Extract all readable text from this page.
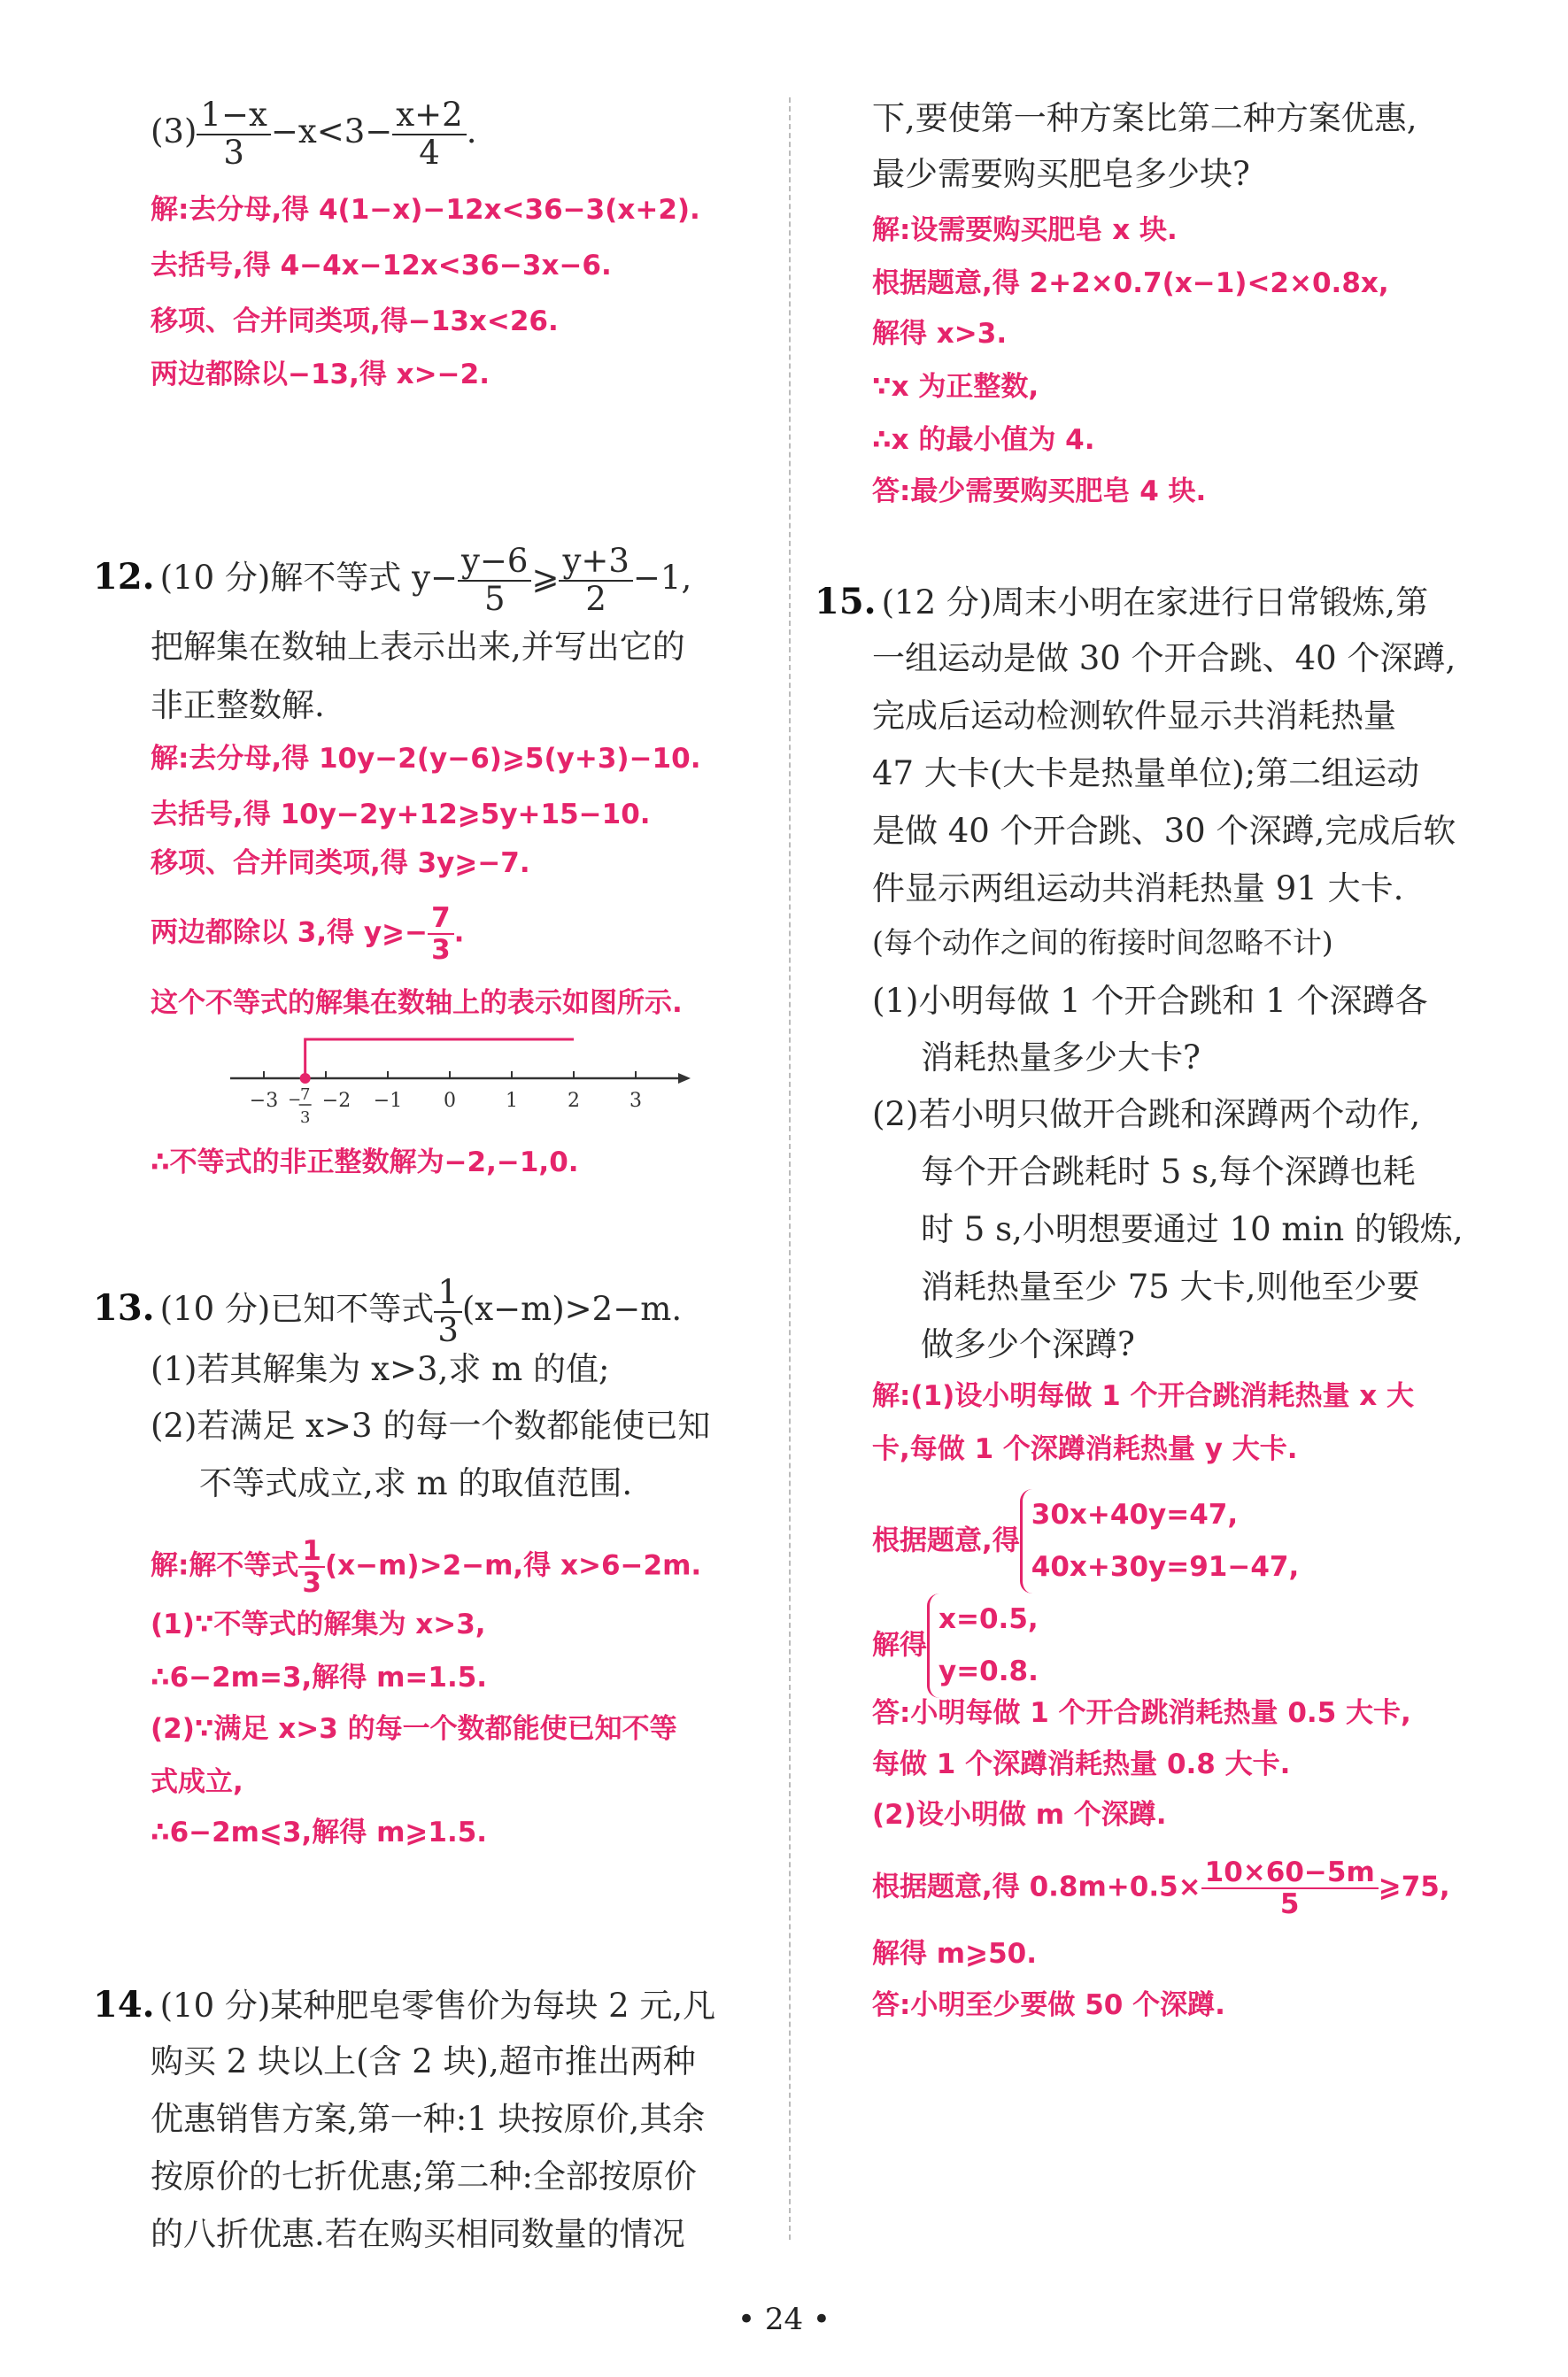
$(3) \frac{1-x}{3} -x<3- \frac{x+2}{4}$ .
解:去分母,得 4(1−x)−12x<36−3(x+2).
去括号,得 4−4x−12x<36−3x−6.
移项、合并同类项,得−13x<26.
两边都除以−13,得 x>−2.
12. (10 分)解不等式 $y- \frac{y-6}{5}$ ⩾ $\frac{y+3}{2} -1$,
把解集在数轴上表示出来,并写出它的
非正整数解.
解:去分母,得 10y−2(y−6)⩾5(y+3)−10.
去括号,得 10y−2y+12⩾5y+15−10.
移项、合并同类项,得 3y⩾−7.
两边都除以 3,得 y⩾− $\frac{7}{3}$ .
这个不等式的解集在数轴上的表示如图所示.
−3 −2 −1 0	1	2	3
−
7
3
∴不等式的非正整数解为−2,−1,0.
13. (10 分)已知不等式 $\frac{1}{3} (x-m)>2-m$.
(1)若其解集为 x>3,求 m 的值;
(2)若满足 x>3 的每一个数都能使已知
不等式成立,求 m 的取值范围.
解:解不等式 $\frac{1}{3} (x-m)>2-m$,得 x>6−2m.
(1)∵不等式的解集为 x>3,
∴6−2m=3,解得 m=1.5.
(2)∵满足 x>3 的每一个数都能使已知不等
式成立,
∴6−2m⩽3,解得 m⩾1.5.
14. (10 分)某种肥皂零售价为每块 2 元,凡
购买 2 块以上(含 2 块),超市推出两种
优惠销售方案,第一种:1 块按原价,其余
按原价的七折优惠;第二种:全部按原价
的八折优惠.若在购买相同数量的情况
下,要使第一种方案比第二种方案优惠,
最少需要购买肥皂多少块?
解:设需要购买肥皂 x 块.
根据题意,得 2+2×0.7(x−1)<2×0.8x,
解得 x>3.
∵x 为正整数,
∴x 的最小值为 4.
答:最少需要购买肥皂 4 块.
15. (12 分)周末小明在家进行日常锻炼,第
一组运动是做 30 个开合跳、40 个深蹲,
完成后运动检测软件显示共消耗热量
47 大卡(大卡是热量单位);第二组运动
是做 40 个开合跳、30 个深蹲,完成后软
件显示两组运动共消耗热量 91 大卡.
(每个动作之间的衔接时间忽略不计)
(1)小明每做 1 个开合跳和 1 个深蹲各
消耗热量多少大卡?
(2)若小明只做开合跳和深蹲两个动作,
每个开合跳耗时 5 s,每个深蹲也耗
时 5 s,小明想要通过 10 min 的锻炼,
消耗热量至少 75 大卡,则他至少要
做多少个深蹲?
解:(1)设小明每做 1 个开合跳消耗热量 x 大
卡,每做 1 个深蹲消耗热量 y 大卡.
根据题意,得
30x+40y=47,
40x+30y=91−47,
解得
x=0.5,
y=0.8.
答:小明每做 1 个开合跳消耗热量 0.5 大卡,
每做 1 个深蹲消耗热量 0.8 大卡.
(2)设小明做 m 个深蹲.
根据题意,得 $0.8m+0.5\times \frac{10\times 60-5m}{5}$ ⩾75,
解得 m⩾50.
答:小明至少要做 50 个深蹲.
• 24 •
